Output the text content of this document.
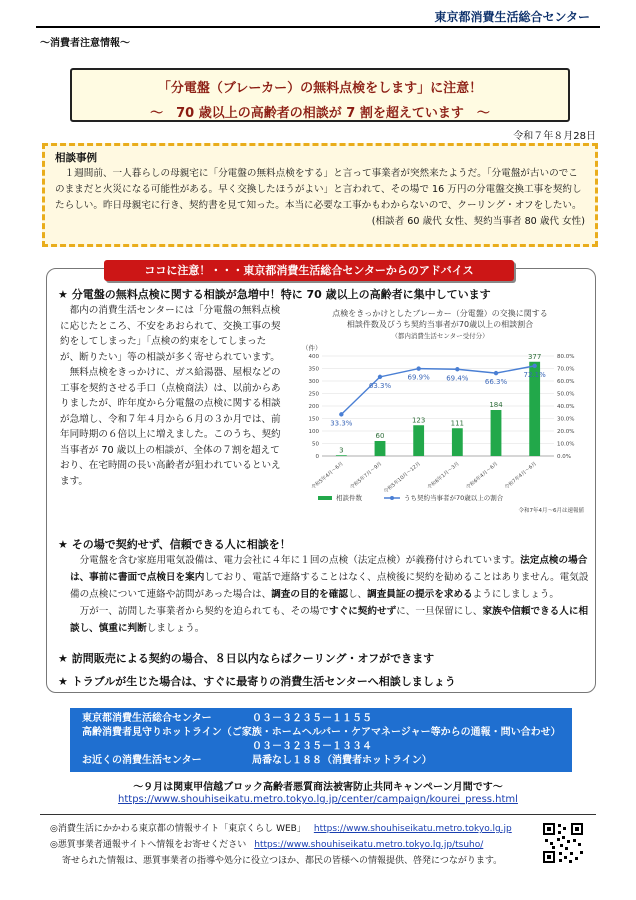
東京都消費生活総合センター
〜消費者注意情報〜
「分電盤（ブレーカー）の無料点検をします」に注意！
〜　70 歳以上の高齢者の相談が 7 割を超えています　〜
令和７年８月28日
相談事例
１週間前、一人暮らしの母親宅に「分電盤の無料点検をする」と言って事業者が突然来たようだ。「分電盤が古いのでこのままだと火災になる可能性がある。早く交換したほうがよい」と言われて、その場で 16 万円の分電盤交換工事を契約したらしい。昨日母親宅に行き、契約書を見て知った。本当に必要な工事かもわからないので、クーリング・オフをしたい。
(相談者 60 歳代 女性、契約当事者 80 歳代 女性)
ココに注意！・・・東京都消費生活総合センターからのアドバイス
★ 分電盤の無料点検に関する相談が急増中！特に 70 歳以上の高齢者に集中しています

都内の消費生活センターには「分電盤の無料点検に応じたところ、不安をあおられて、交換工事の契約をしてしまった」「点検の約束をしてしまったが、断りたい」等の相談が多く寄せられています。

無料点検をきっかけに、ガス給湯器、屋根などの工事を契約させる手口（点検商法）は、以前からありましたが、昨年度から分電盤の点検に関する相談が急増し、令和７年４月から６月の３か月では、前年同時期の６倍以上に増えました。このうち、契約当事者が 70 歳以上の相談が、全体の７割を超えており、在宅時間の長い高齢者が狙われているといえます。

点検をきっかけとしたブレーカー（分電盤）の交換に関する
相談件数及びうち契約当事者が70歳以上の相談割合
（都内消費生活センター受付分）
（件）
3
60
123	111
184
377
33.3%
63.3%
69.9% 69.4% 66.3%
72.1%
0
50
100
150
200
250
300
350
400
0.0%
10.0%
20.0%
30.0%
40.0%
50.0%
60.0%
70.0%
80.0%
令和5年4月〜6月 令和5年7月〜9月 令和5年10月〜12月 令和6年1月〜3月 令和6年4月〜6月 令和7年4月〜6月
相談件数	うち契約当事者が70歳以上の割合
令和7年4月〜6月は速報値
★ その場で契約せず、信頼できる人に相談を！

分電盤を含む家庭用電気設備は、電力会社に４年に１回の点検（法定点検）が義務付けられています。法定点検の場合は、事前に書面で点検日を案内しており、電話で連絡することはなく、点検後に契約を勧めることはありません。電気設備の点検について連絡や訪問があった場合は、調査の目的を確認し、調査員証の提示を求めるようにしましょう。

万が一、訪問した事業者から契約を迫られても、その場ですぐに契約せずに、一旦保留にし、家族や信頼できる人に相談し、慎重に判断しましょう。

★ 訪問販売による契約の場合、８日以内ならばクーリング・オフができます
★ トラブルが生じた場合は、すぐに最寄りの消費生活センターへ相談しましょう
東京都消費生活総合センター	０３－３２３５－１１５５
高齢消費者見守りホットライン（ご家族・ホームヘルパー・ケアマネージャー等からの通報・問い合わせ）
０３－３２３５－１３３４
お近くの消費生活センター	局番なし１８８（消費者ホットライン）
〜９月は関東甲信越ブロック高齢者悪質商法被害防止共同キャンペーン月間です〜
https://www.shouhiseikatu.metro.tokyo.lg.jp/center/campaign/kourei_press.html
◎消費生活にかかわる東京都の情報サイト「東京くらし WEB」 https://www.shouhiseikatu.metro.tokyo.lg.jp
◎悪質事業者通報サイトへ情報をお寄せください https://www.shouhiseikatu.metro.tokyo.lg.jp/tsuho/
寄せられた情報は、悪質事業者の指導や処分に役立つほか、都民の皆様への情報提供、啓発につながります。
